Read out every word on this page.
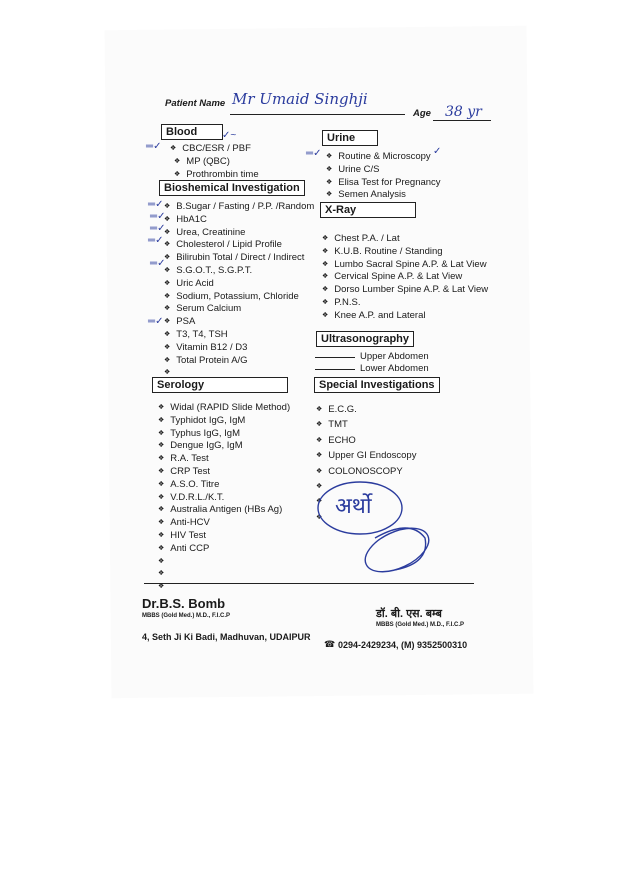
Patient Name Mr Umaid Singhji
Age 38 yr
Blood
❖ CBC/ESR / PBF
❖ MP (QBC)
❖ Prothrombin time
Bioshemical Investigation
❖ B.Sugar / Fasting / P.P. /Random
❖ HbA1C
❖ Urea, Creatinine
❖ Cholesterol / Lipid Profile
❖ Bilirubin Total / Direct / Indirect
❖ S.G.O.T., S.G.P.T.
❖ Uric Acid
❖ Sodium, Potassium, Chloride
❖ Serum Calcium
❖ PSA
❖ T3, T4, TSH
❖ Vitamin B12 / D3
❖ Total Protein A/G
❖
═✓
═✓
═✓
═✓
═✓
═✓
═✓
✓~	Urine
❖ Routine & Microscopy
❖ Urine C/S
❖ Elisa Test for Pregnancy
❖ Semen Analysis
═✓	✓
X-Ray
❖ Chest P.A. / Lat
❖ K.U.B. Routine / Standing
❖ Lumbo Sacral Spine A.P. & Lat View
❖ Cervical Spine A.P. & Lat View
❖ Dorso Lumber Spine A.P. & Lat View
❖ P.N.S.
❖ Knee A.P. and Lateral
Ultrasonography
Upper Abdomen
Lower Abdomen
Serology
❖ Widal (RAPID Slide Method)
❖ Typhidot IgG, IgM
❖ Typhus IgG, IgM
❖ Dengue IgG, IgM
❖ R.A. Test
❖ CRP Test
❖ A.S.O. Titre
❖ V.D.R.L./K.T.
❖ Australia Antigen (HBs Ag)
❖ Anti-HCV
❖ HIV Test
❖ Anti CCP
❖
❖
❖
Special Investigations
❖ E.C.G.
❖ TMT
❖ ECHO
❖ Upper GI Endoscopy
❖ COLONOSCOPY
❖
❖
❖
अर्थो
Dr.B.S. Bomb
MBBS (Gold Med.) M.D., F.I.C.P	डॉ. बी. एस. बम्ब
MBBS (Gold Med.) M.D., F.I.C.P
4, Seth Ji Ki Badi, Madhuvan, UDAIPUR
☎ 0294-2429234, (M) 9352500310
